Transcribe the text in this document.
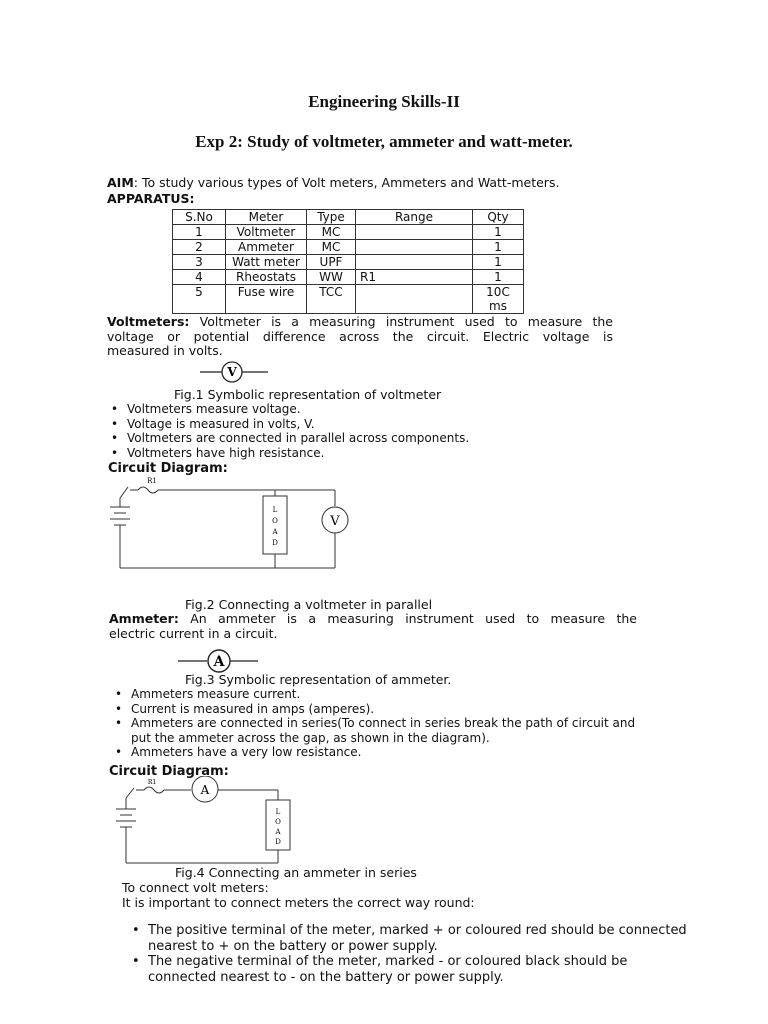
Engineering Skills-II
Exp 2: Study of voltmeter, ammeter and watt-meter.
AIM: To study various types of Volt meters, Ammeters and Watt-meters.
APPARATUS:
S.No	Meter	Type	Range	Qty
1	Voltmeter	MC		1
2	Ammeter	MC		1
3	Watt meter	UPF		1
4	Rheostats	WW	R1	1
5	Fuse wire	TCC		10C ms
Voltmeters: Voltmeter is a measuring instrument used to measure the
voltage or potential difference across the circuit. Electric voltage is
measured in volts.
V
Fig.1 Symbolic representation of voltmeter
• Voltmeters measure voltage.
• Voltage is measured in volts, V.
• Voltmeters are connected in parallel across components.
• Voltmeters have high resistance.
Circuit Diagram:
R1
V
L
O
A
D
Fig.2 Connecting a voltmeter in parallel
Ammeter: An ammeter is a measuring instrument used to measure the
electric current in a circuit.
A
Fig.3 Symbolic representation of ammeter.
• Ammeters measure current.
• Current is measured in amps (amperes).
• Ammeters are connected in series(To connect in series break the path of circuit and put the ammeter across the gap, as shown in the diagram).
• Ammeters have a very low resistance.
Circuit Diagram:
R1
A
L
O
A
D
Fig.4 Connecting an ammeter in series
To connect volt meters:
It is important to connect meters the correct way round:
• The positive terminal of the meter, marked + or coloured red should be connected nearest to + on the battery or power supply.
• The negative terminal of the meter, marked - or coloured black should be connected nearest to - on the battery or power supply.
